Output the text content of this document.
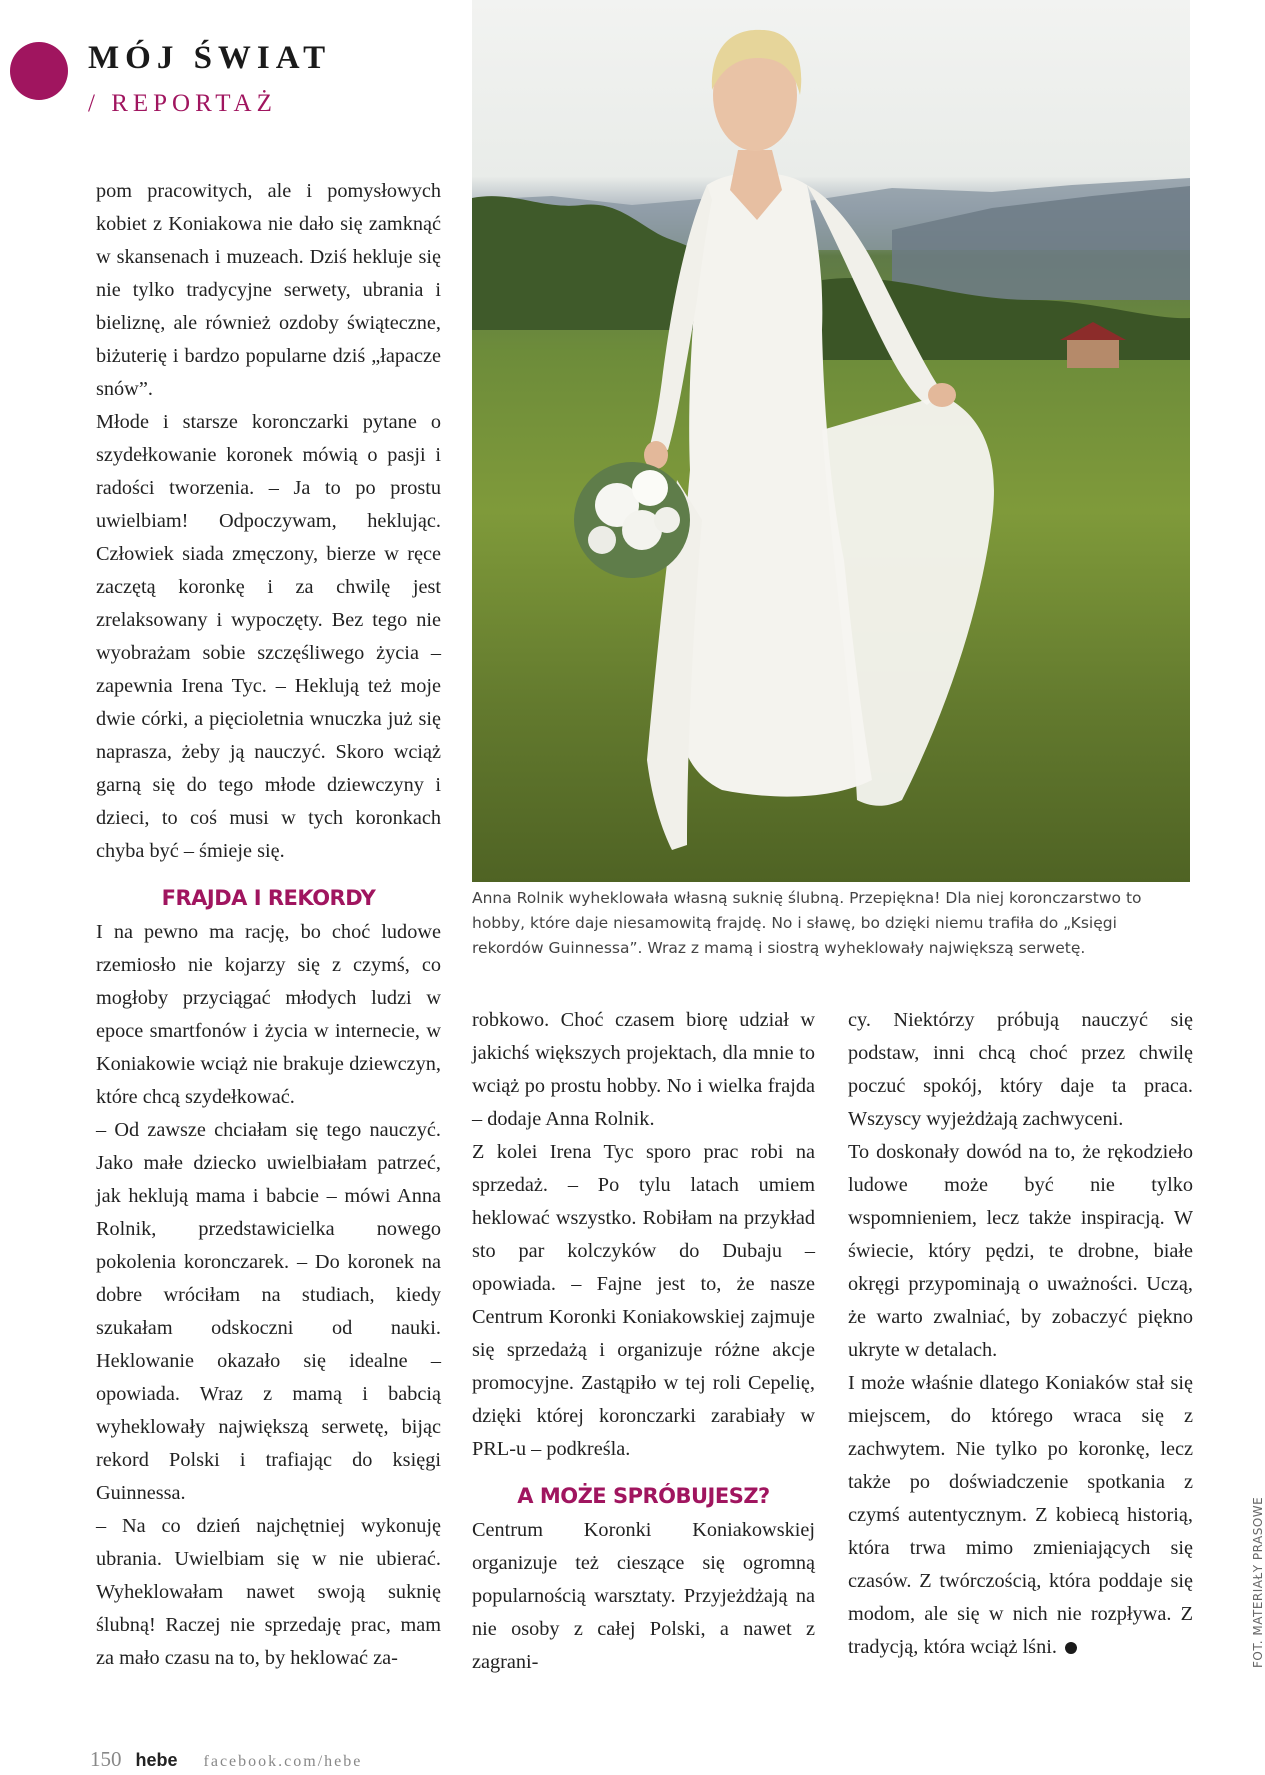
MÓJ ŚWIAT
/ REPORTAŻ
Anna Rolnik wyheklowała własną suknię ślubną. Przepiękna! Dla niej koronczarstwo to hobby, które daje niesamowitą frajdę. No i sławę, bo dzięki niemu trafiła do „Księgi rekordów Guinnessa”. Wraz z mamą i siostrą wyheklowały największą serwetę.

pom pracowitych, ale i pomysłowych kobiet z Koniakowa nie dało się zamknąć w skansenach i muzeach. Dziś hekluje się nie tylko tradycyjne serwety, ubrania i bieliznę, ale również ozdoby świąteczne, biżuterię i bardzo popularne dziś „łapacze snów”.

Młode i starsze koronczarki pytane o szydełkowanie koronek mówią o pasji i radości tworzenia. – Ja to po prostu uwielbiam! Odpoczywam, heklując. Człowiek siada zmęczony, bierze w ręce zaczętą koronkę i za chwilę jest zrelaksowany i wypoczęty. Bez tego nie wyobrażam sobie szczęśliwego życia – zapewnia Irena Tyc. – Heklują też moje dwie córki, a pięcioletnia wnuczka już się naprasza, żeby ją nauczyć. Skoro wciąż garną się do tego młode dziewczyny i dzieci, to coś musi w tych koronkach chyba być – śmieje się.

FRAJDA I REKORDY

I na pewno ma rację, bo choć ludowe rzemiosło nie kojarzy się z czymś, co mogłoby przyciągać młodych ludzi w epoce smartfonów i życia w internecie, w Koniakowie wciąż nie brakuje dziewczyn, które chcą szydełkować.

– Od zawsze chciałam się tego nauczyć. Jako małe dziecko uwielbiałam patrzeć, jak heklują mama i babcie – mówi Anna Rolnik, przedstawicielka nowego pokolenia koronczarek. – Do koronek na dobre wróciłam na studiach, kiedy szukałam odskoczni od nauki. Heklowanie okazało się idealne – opowiada. Wraz z mamą i babcią wyheklowały największą serwetę, bijąc rekord Polski i trafiając do księgi Guinnessa.

– Na co dzień najchętniej wykonuję ubrania. Uwielbiam się w nie ubierać. Wyheklowałam nawet swoją suknię ślubną! Raczej nie sprzedaję prac, mam za mało czasu na to, by heklować za-

robkowo. Choć czasem biorę udział w jakichś większych projektach, dla mnie to wciąż po prostu hobby. No i wielka frajda – dodaje Anna Rolnik.

Z kolei Irena Tyc sporo prac robi na sprzedaż. – Po tylu latach umiem heklować wszystko. Robiłam na przykład sto par kolczyków do Dubaju – opowiada. – Fajne jest to, że nasze Centrum Koronki Koniakowskiej zajmuje się sprzedażą i organizuje różne akcje promocyjne. Zastąpiło w tej roli Cepelię, dzięki której koronczarki zarabiały w PRL-u – podkreśla.

A MOŻE SPRÓBUJESZ?

Centrum Koronki Koniakowskiej organizuje też cieszące się ogromną popularnością warsztaty. Przyjeżdżają na nie osoby z całej Polski, a nawet z zagrani-

cy. Niektórzy próbują nauczyć się podstaw, inni chcą choć przez chwilę poczuć spokój, który daje ta praca. Wszyscy wyjeżdżają zachwyceni.

To doskonały dowód na to, że rękodzieło ludowe może być nie tylko wspomnieniem, lecz także inspiracją. W świecie, który pędzi, te drobne, białe okręgi przypominają o uważności. Uczą, że warto zwalniać, by zobaczyć piękno ukryte w detalach.

I może właśnie dlatego Koniaków stał się miejscem, do którego wraca się z zachwytem. Nie tylko po koronkę, lecz także po doświadczenie spotkania z czymś autentycznym. Z kobiecą historią, która trwa mimo zmieniających się czasów. Z twórczością, która poddaje się modom, ale się w nich nie rozpływa. Z tradycją, która wciąż lśni.	FOT. MATERIAŁY PRASOWE
150 hebe facebook.com/hebe
